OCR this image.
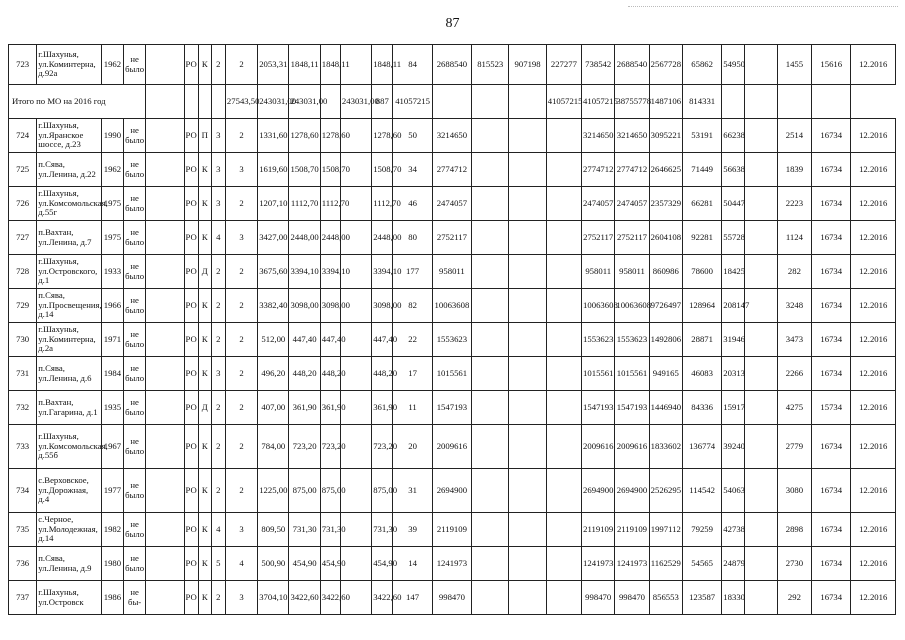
87
723	г.Шахунья, ул.Коминтерна, д.92а	1962	не было		РО	К	2	2	2053,31	1848,11	1848,11		1848,11	84	2688540	815523	907198	227277	738542	2688540	2567728	65862	54950		1455	15616	12.2016
Итого по МО на 2016 год								27543,50	243031,00	243031,00		243031,00	887	41057215				41057215	41057215	38755778	1487106	814331					
724	г.Шахунья, ул.Яранское шоссе, д.23	1990	не было		РО	П	3	2	1331,60	1278,60	1278,60		1278,60	50	3214650				3214650	3214650	3095221	53191	66238		2514	16734	12.2016
725	п.Сява, ул.Ленина, д.22	1962	не было		РО	К	3	3	1619,60	1508,70	1508,70		1508,70	34	2774712				2774712	2774712	2646625	71449	56638		1839	16734	12.2016
726	г.Шахунья, ул.Комсомольская, д.55г	1975	не было		РО	К	3	2	1207,10	1112,70	1112,70		1112,70	46	2474057				2474057	2474057	2357329	66281	50447		2223	16734	12.2016
727	п.Вахтан, ул.Ленина, д.7	1975	не было		РО	К	4	3	3427,00	2448,00	2448,00		2448,00	80	2752117				2752117	2752117	2604108	92281	55728		1124	16734	12.2016
728	г.Шахунья, ул.Островского, д.1	1933	не было		РО	Д	2	2	3675,60	3394,10	3394,10		3394,10	177	958011				958011	958011	860986	78600	18425		282	16734	12.2016
729	п.Сява, ул.Просвещения, д.14	1966	не было		РО	К	2	2	3382,40	3098,00	3098,00		3098,00	82	10063608				10063608	10063608	9726497	128964	208147		3248	16734	12.2016
730	г.Шахунья, ул.Коминтерна, д.2а	1971	не было		РО	К	2	2	512,00	447,40	447,40		447,40	22	1553623				1553623	1553623	1492806	28871	31946		3473	16734	12.2016
731	п.Сява, ул.Ленина, д.6	1984	не было		РО	К	3	2	496,20	448,20	448,20		448,20	17	1015561				1015561	1015561	949165	46083	20313		2266	16734	12.2016
732	п.Вахтан, ул.Гагарина, д.1	1935	не было		РО	Д	2	2	407,00	361,90	361,90		361,90	11	1547193				1547193	1547193	1446940	84336	15917		4275	15734	12.2016
733	г.Шахунья, ул.Комсомольская, д.55б	1967	не было		РО	К	2	2	784,00	723,20	723,20		723,20	20	2009616				2009616	2009616	1833602	136774	39240		2779	16734	12.2016
734	с.Верховское, ул.Дорожная, д.4	1977	не было		РО	К	2	2	1225,00	875,00	875,00		875,00	31	2694900				2694900	2694900	2526295	114542	54063		3080	16734	12.2016
735	с.Черное, ул.Молодежная, д.14	1982	не было		РО	К	4	3	809,50	731,30	731,30		731,30	39	2119109				2119109	2119109	1997112	79259	42738		2898	16734	12.2016
736	п.Сява, ул.Ленина, д.9	1980	не было		РО	К	5	4	500,90	454,90	454,90		454,90	14	1241973				1241973	1241973	1162529	54565	24879		2730	16734	12.2016
737	г.Шахунья, ул.Островск	1986	не бы-		РО	К	2	3	3704,10	3422,60	3422,60		3422,60	147	998470				998470	998470	856553	123587	18330		292	16734	12.2016
